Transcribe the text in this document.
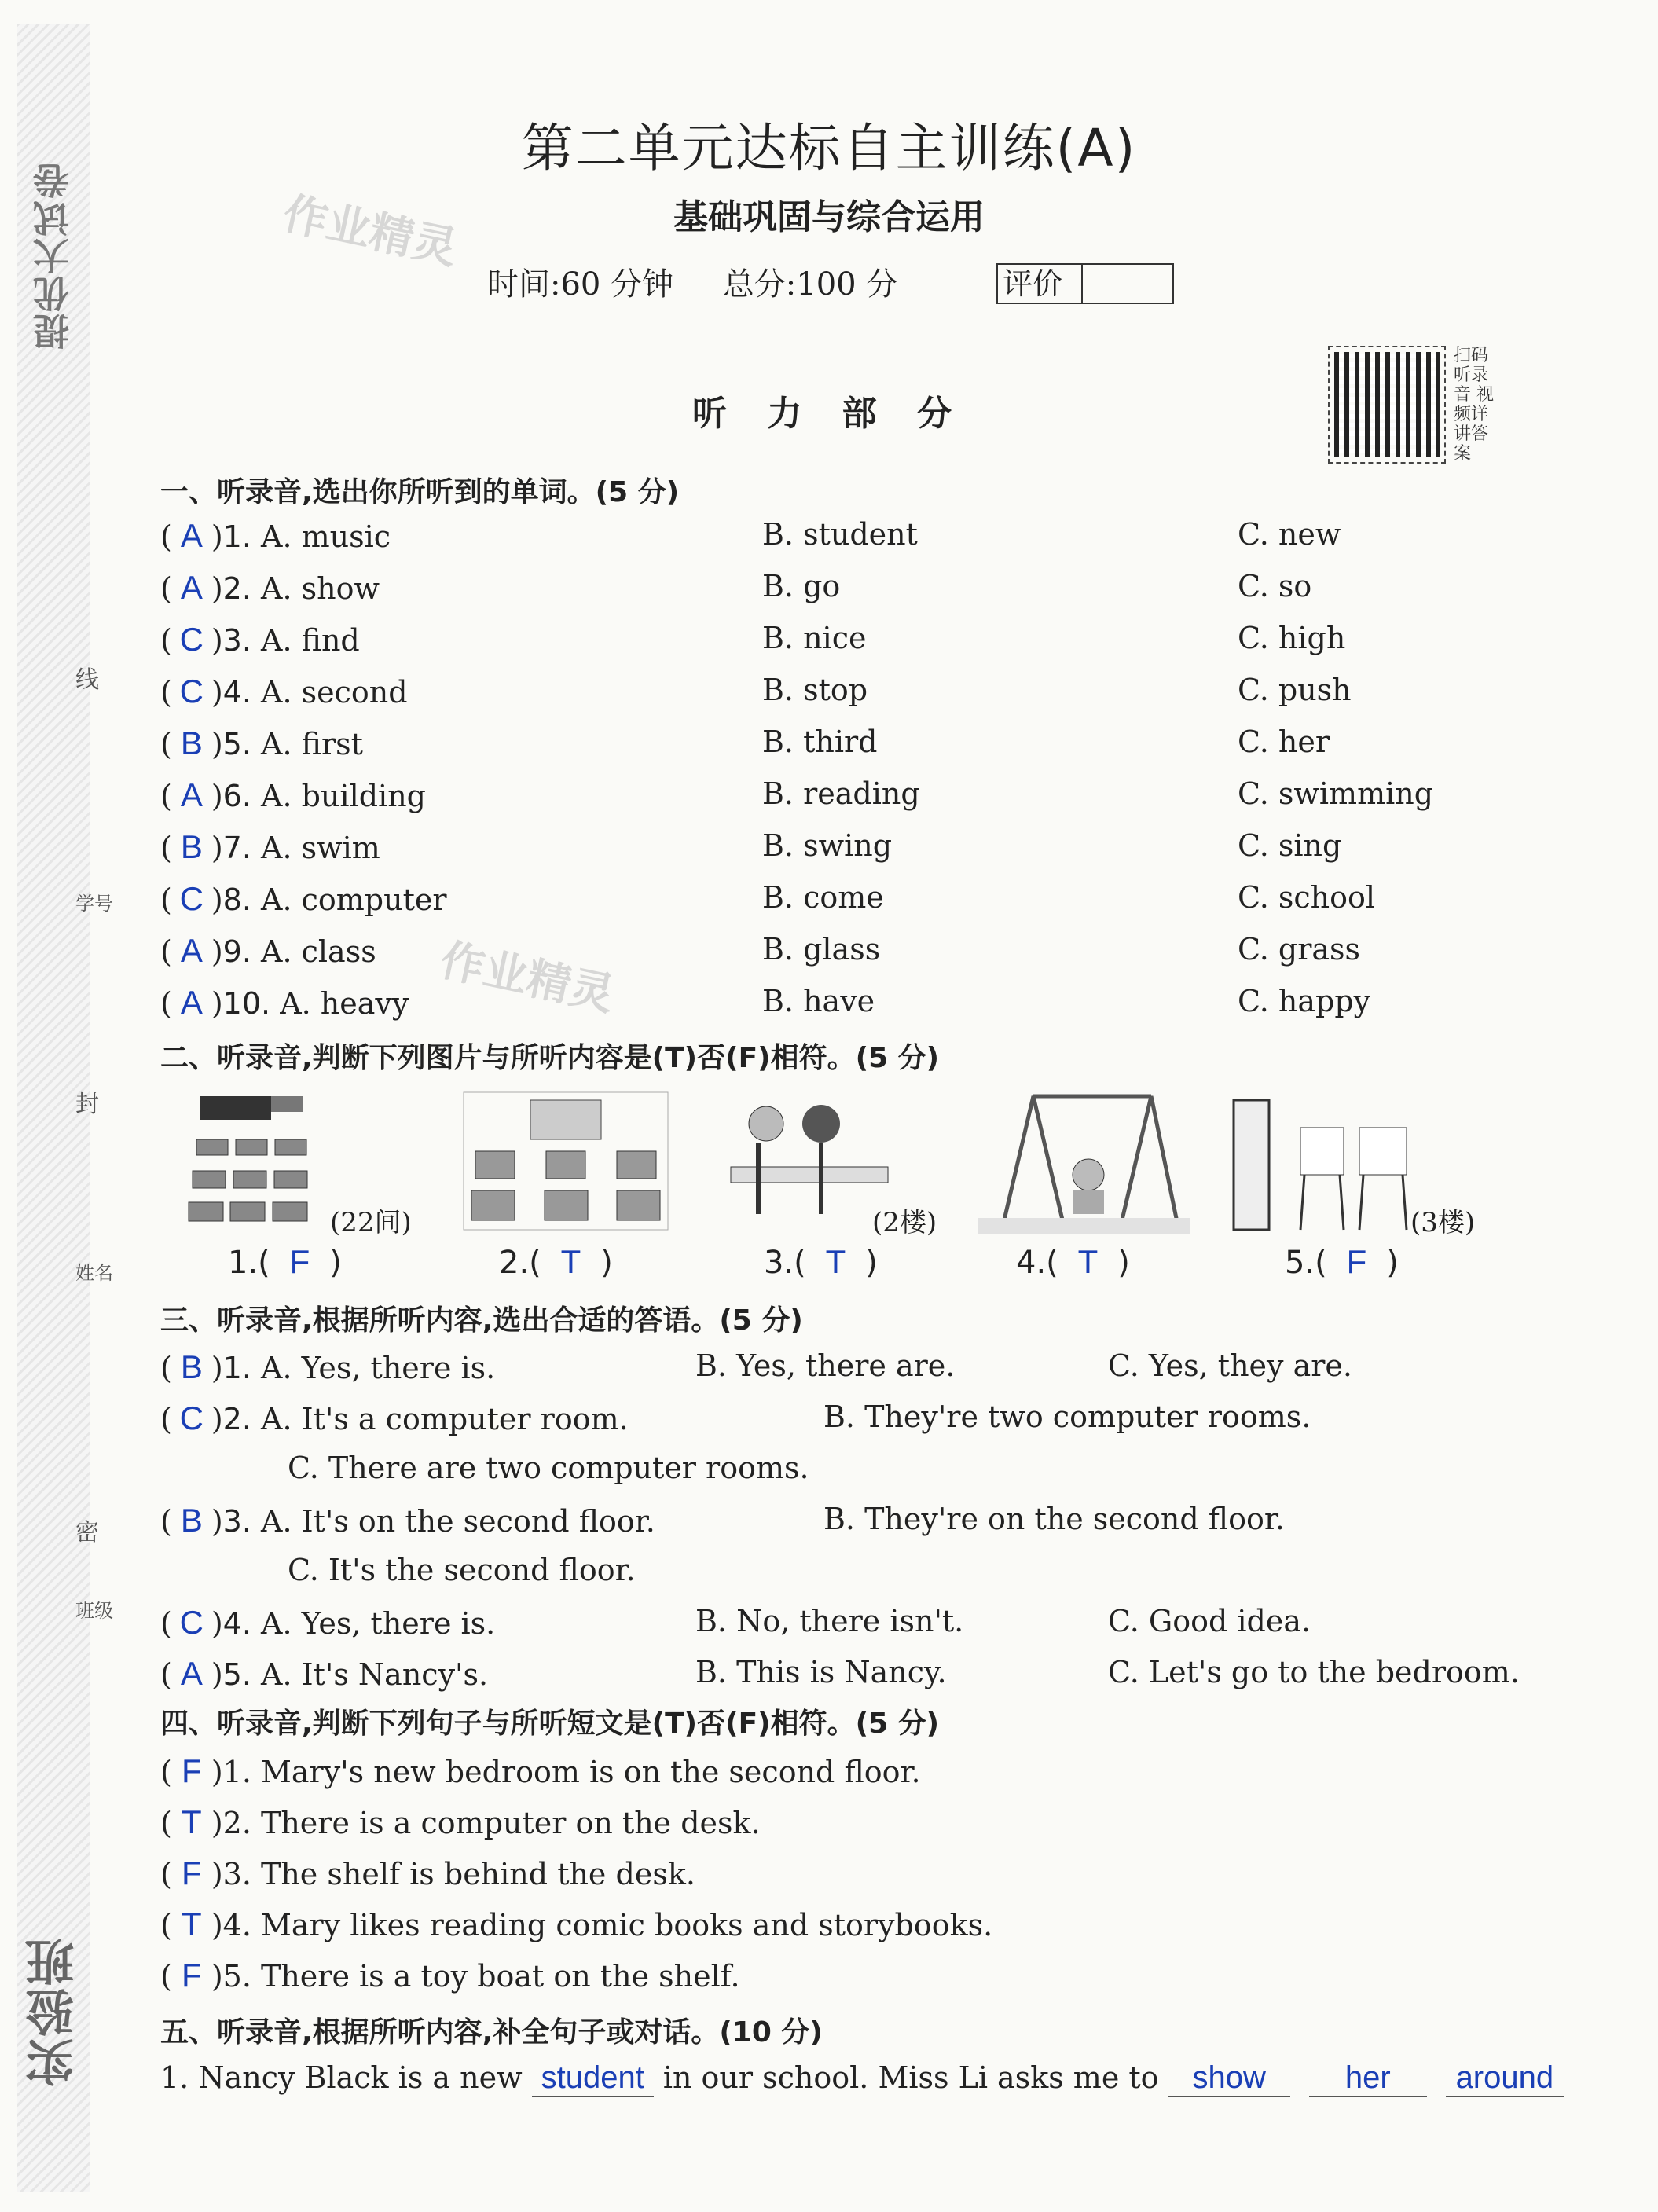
提优大试卷
实验班
线
封
密
学号
姓名
班级
第二单元达标自主训练(A)
基础巩固与综合运用
时间:60 分钟 总分:100 分	评价
作业精灵
作业精灵
扫码听录音 视频详讲答案
听 力 部 分
一、听录音,选出你所听到的单词。(5 分)
( A )1. A. music	B. student	C. new
( A )2. A. show	B. go	C. so
( C )3. A. find	B. nice	C. high
( C )4. A. second	B. stop	C. push
( B )5. A. first	B. third	C. her
( A )6. A. building	B. reading	C. swimming
( B )7. A. swim	B. swing	C. sing
( C )8. A. computer	B. come	C. school
( A )9. A. class	B. glass	C. grass
( A )10. A. heavy	B. have	C. happy
二、听录音,判断下列图片与所听内容是(T)否(F)相符。(5 分)
1.( F )
(22间)
2.( T )	3.( T )
(2楼)
4.( T )	5.( F )
(3楼)
三、听录音,根据所听内容,选出合适的答语。(5 分)
( B )1. A. Yes, there is.	B. Yes, there are.	C. Yes, they are.
( C )2. A. It's a computer room.	B. They're two computer rooms.
C. There are two computer rooms.
( B )3. A. It's on the second floor.	B. They're on the second floor.
C. It's the second floor.
( C )4. A. Yes, there is.	B. No, there isn't.	C. Good idea.
( A )5. A. It's Nancy's.	B. This is Nancy.	C. Let's go to the bedroom.
四、听录音,判断下列句子与所听短文是(T)否(F)相符。(5 分)
( F )1. Mary's new bedroom is on the second floor.
( T )2. There is a computer on the desk.
( F )3. The shelf is behind the desk.
( T )4. Mary likes reading comic books and storybooks.
( F )5. There is a toy boat on the shelf.
五、听录音,根据所听内容,补全句子或对话。(10 分)
1. Nancy Black is a new student in our school. Miss Li asks me to show	her around
